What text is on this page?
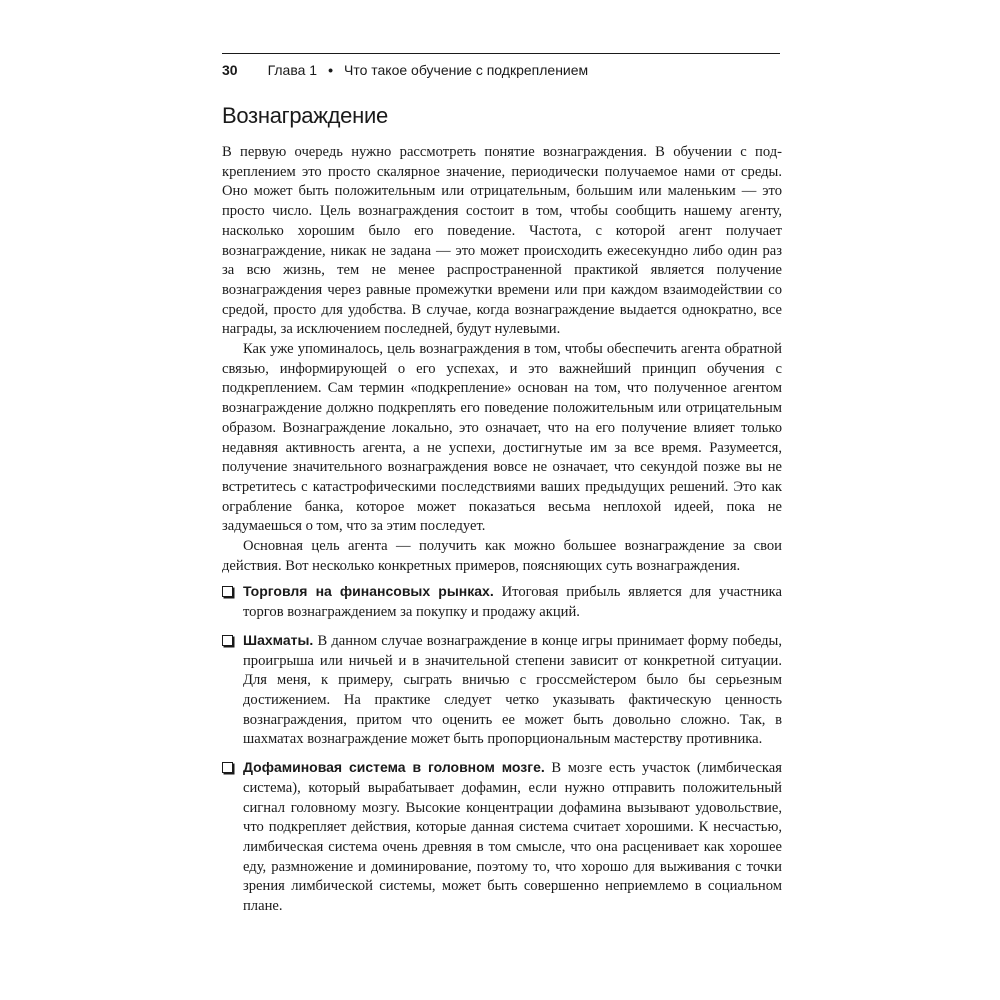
30 Глава 1 • Что такое обучение с подкреплением
Вознаграждение

В первую очередь нужно рассмотреть понятие вознаграждения. В обучении с подкреплением это просто скалярное значение, периодически получаемое нами от среды. Оно может быть положительным или отрицательным, большим или маленьким — это просто число. Цель вознаграждения состоит в том, чтобы сообщить нашему агенту, насколько хорошим было его поведение. Частота, с которой агент получает вознаграждение, никак не задана — это может происходить ежесекундно либо один раз за всю жизнь, тем не менее распространенной практикой является получение вознаграждения через равные промежутки времени или при каждом взаимодействии со средой, просто для удобства. В случае, когда вознаграждение выдается однократно, все награды, за исключением последней, будут нулевыми.

Как уже упоминалось, цель вознаграждения в том, чтобы обеспечить агента обратной связью, информирующей о его успехах, и это важнейший принцип обучения с подкреплением. Сам термин «подкрепление» основан на том, что полученное агентом вознаграждение должно подкреплять его поведение положительным или отрицательным образом. Вознаграждение локально, это означает, что на его получение влияет только недавняя активность агента, а не успехи, достигнутые им за все время. Разумеется, получение значительного вознаграждения вовсе не означает, что секундой позже вы не встретитесь с катастрофическими последствиями ваших предыдущих решений. Это как ограбление банка, которое может показаться весьма неплохой идеей, пока не задумаешься о том, что за этим последует.

Основная цель агента — получить как можно большее вознаграждение за свои действия. Вот несколько конкретных примеров, поясняющих суть вознаграждения.

Торговля на финансовых рынках. Итоговая прибыль является для участника торгов вознаграждением за покупку и продажу акций.
Шахматы. В данном случае вознаграждение в конце игры принимает форму победы, проигрыша или ничьей и в значительной степени зависит от конкретной ситуации. Для меня, к примеру, сыграть вничью с гроссмейстером было бы серьезным достижением. На практике следует четко указывать фактическую ценность вознаграждения, притом что оценить ее может быть довольно сложно. Так, в шахматах вознаграждение может быть пропорциональным мастерству противника.
Дофаминовая система в головном мозге. В мозге есть участок (лимбическая система), который вырабатывает дофамин, если нужно отправить положительный сигнал головному мозгу. Высокие концентрации дофамина вызывают удовольствие, что подкрепляет действия, которые данная система считает хорошими. К несчастью, лимбическая система очень древняя в том смысле, что она расценивает как хорошее еду, размножение и доминирование, поэтому то, что хорошо для выживания с точки зрения лимбической системы, может быть совершенно неприемлемо в социальном плане.
